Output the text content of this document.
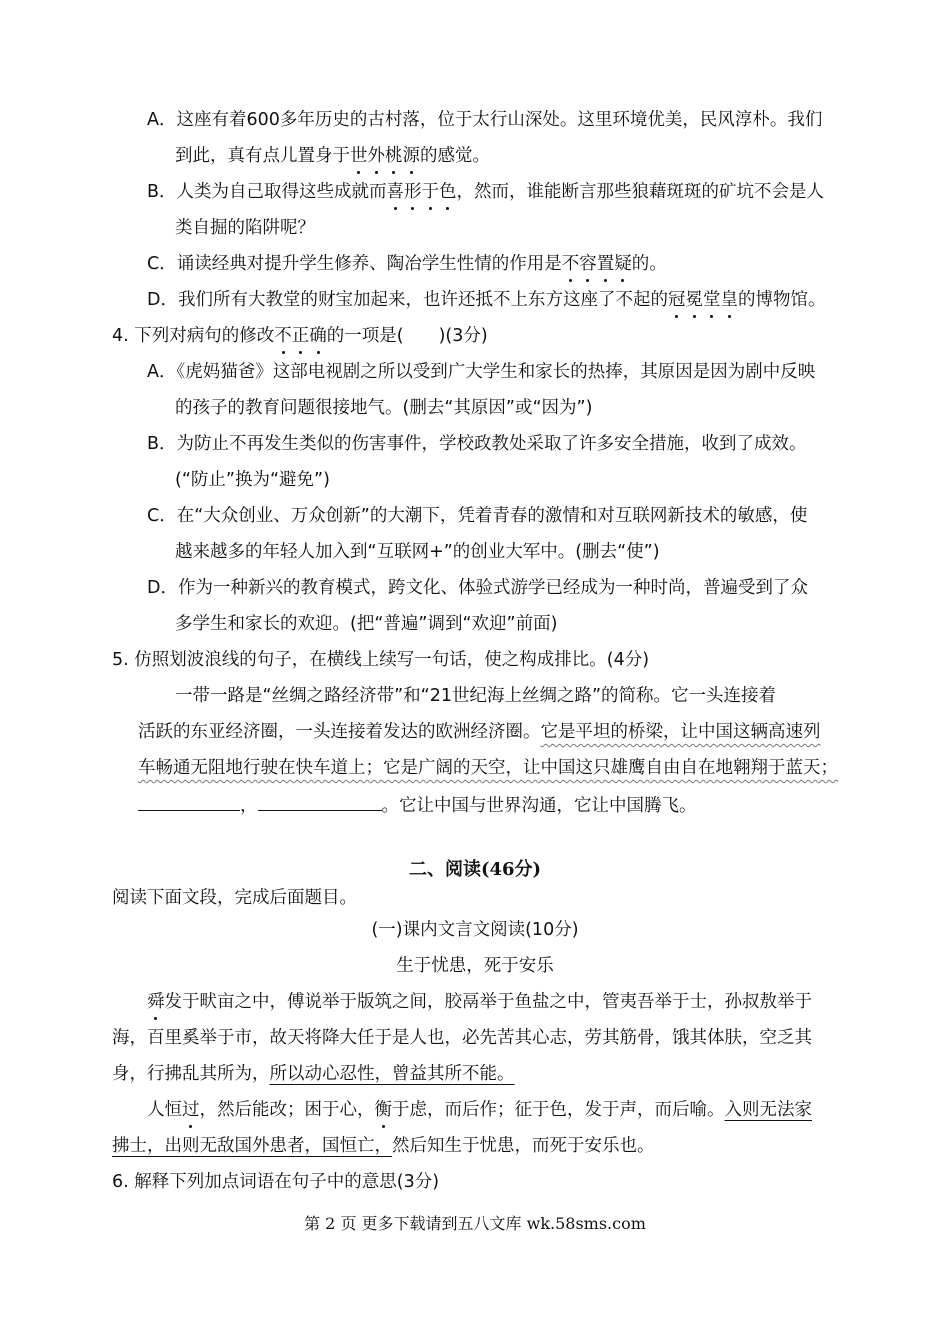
A．这座有着600多年历史的古村落，位于太行山深处。这里环境优美，民风淳朴。我们
到此，真有点儿置身于世外桃源的感觉。
B．人类为自己取得这些成就而喜形于色，然而，谁能断言那些狼藉斑斑的矿坑不会是人
类自掘的陷阱呢？
C．诵读经典对提升学生修养、陶冶学生性情的作用是不容置疑的。
D．我们所有大教堂的财宝加起来，也许还抵不上东方这座了不起的冠冕堂皇的博物馆。
4. 下列对病句的修改不正确的一项是(　　)(3分)
A．《虎妈猫爸》这部电视剧之所以受到广大学生和家长的热捧，其原因是因为剧中反映
的孩子的教育问题很接地气。(删去“其原因”或“因为”)
B．为防止不再发生类似的伤害事件，学校政教处采取了许多安全措施，收到了成效。
(“防止”换为“避免”)
C．在“大众创业、万众创新”的大潮下，凭着青春的激情和对互联网新技术的敏感，使
越来越多的年轻人加入到“互联网+”的创业大军中。(删去“使”)
D．作为一种新兴的教育模式，跨文化、体验式游学已经成为一种时尚，普遍受到了众
多学生和家长的欢迎。(把“普遍”调到“欢迎”前面)
5. 仿照划波浪线的句子，在横线上续写一句话，使之构成排比。(4分)
一带一路是“丝绸之路经济带”和“21世纪海上丝绸之路”的简称。它一头连接着
活跃的东亚经济圈，一头连接着发达的欧洲经济圈。它是平坦的桥梁，让中国这辆高速列
车畅通无阻地行驶在快车道上；它是广阔的天空，让中国这只雄鹰自由自在地翱翔于蓝天；
，	。它让中国与世界沟通，它让中国腾飞。
二、阅读(46分)
阅读下面文段，完成后面题目。
(一)课内文言文阅读(10分)
生于忧患，死于安乐
舜发于畎亩之中，傅说举于版筑之间，胶鬲举于鱼盐之中，管夷吾举于士，孙叔敖举于
海，百里奚举于市，故天将降大任于是人也，必先苦其心志，劳其筋骨，饿其体肤，空乏其
身，行拂乱其所为，所以动心忍性，曾益其所不能。
人恒过，然后能改；困于心，衡于虑，而后作；征于色，发于声，而后喻。入则无法家
拂士，出则无敌国外患者，国恒亡，然后知生于忧患，而死于安乐也。
6. 解释下列加点词语在句子中的意思(3分)
第 2 页 更多下载请到五八文库 wk.58sms.com
